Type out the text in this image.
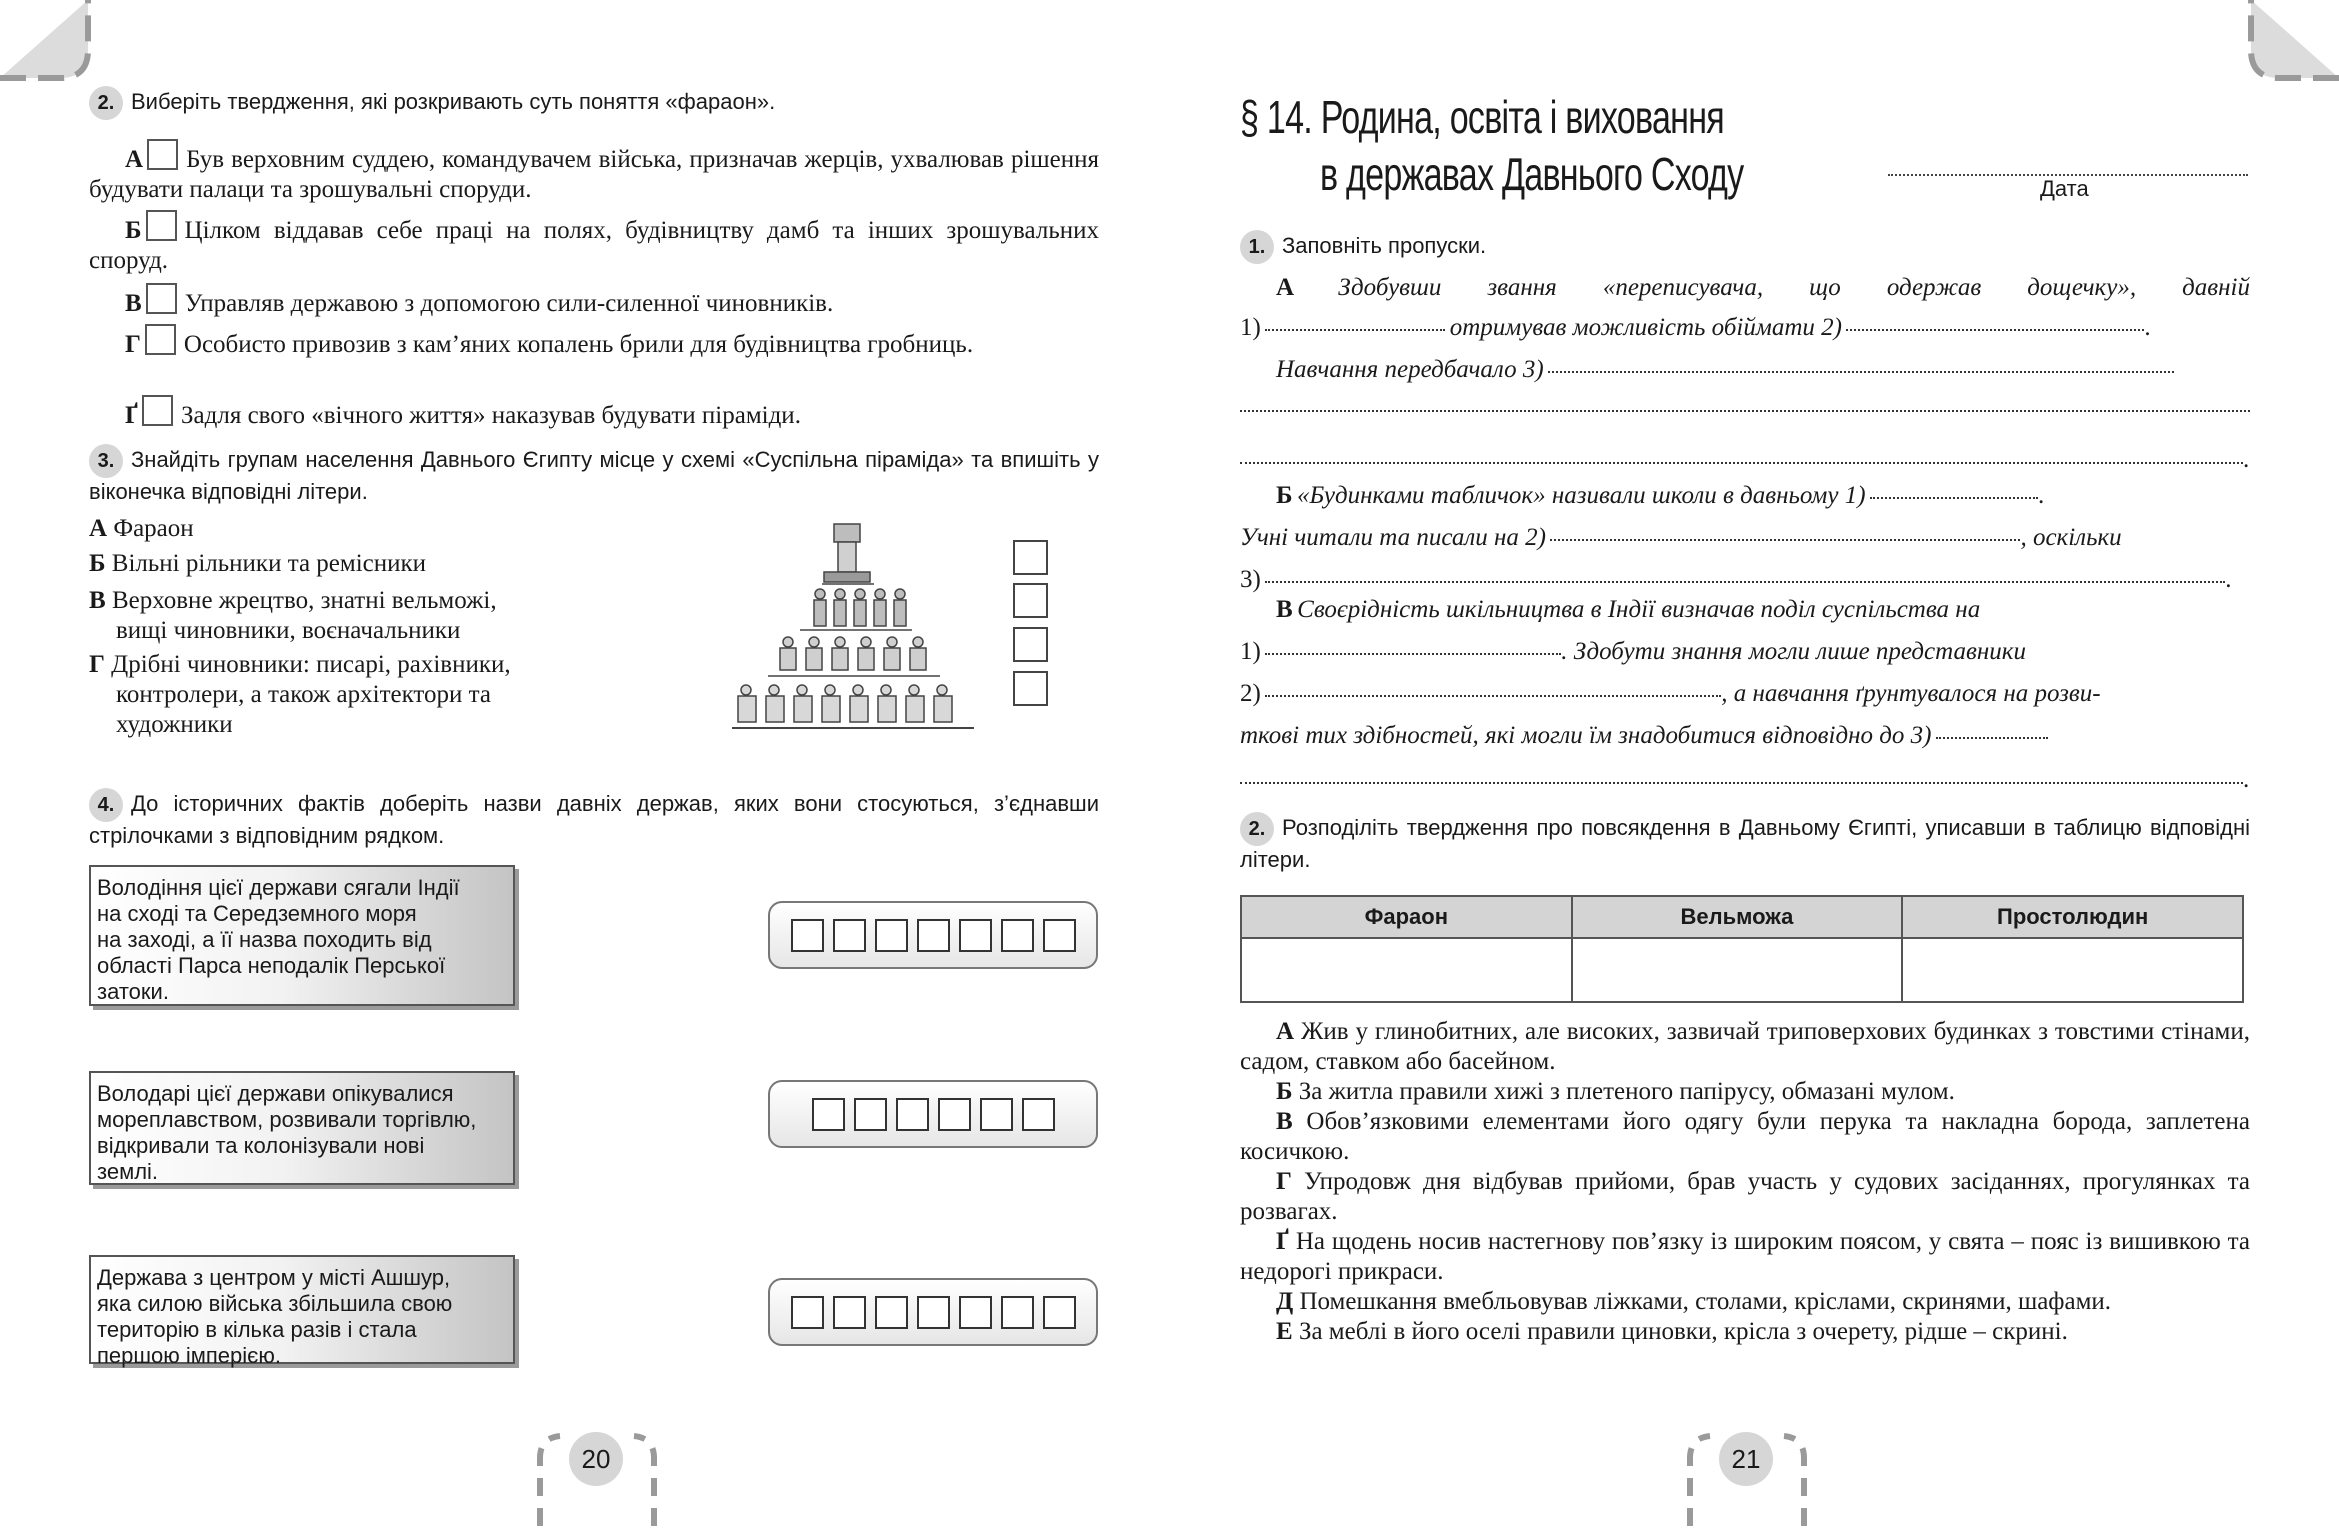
2. Виберіть твердження, які розкривають суть поняття «фараон».
А Був верховним суддею, командувачем війська, призначав жерців, ухвалював рішення будувати палаци та зрошувальні споруди.
Б Цілком віддавав себе праці на полях, будівництву дамб та інших зрошувальних споруд.
В Управляв державою з допомогою сили-силенної чиновників.
Г Особисто привозив з кам’яних копалень брили для будівництва гробниць.
Ґ Задля свого «вічного життя» наказував будувати піраміди.
3. Знайдіть групам населення Давнього Єгипту місце у схемі «Суспільна піраміда» та впишіть у віконечка відповідні літери.
А Фараон
Б Вільні рільники та ремісники
В Верховне жрецтво, знатні вельможі,
вищі чиновники, воєначальники
Г Дрібні чиновники: писарі, рахівники,
контролери, а також архітектори та
художники
4. До історичних фактів доберіть назви давніх держав, яких вони стосуються, з’єднавши стрілочками з відповідним рядком.
Володіння цієї держави сягали Індії
на сході та Середземного моря
на заході, а її назва походить від
області Парса неподалік Перської
затоки.
Володарі цієї держави опікувалися
мореплавством, розвивали торгівлю,
відкривали та колонізували нові
землі.
Держава з центром у місті Ашшур,
яка силою війська збільшила свою
територію в кілька разів і стала
першою імперією.
20
§ 14. Родина, освіта і виховання
в державах Давнього Сходу	Дата
1. Заповніть пропуски.
А Здобувши звання «переписувача, що одержав дощечку», давній
1)	отримував можливість обіймати 2)	.
Навчання передбачало 3)
.
Б «Будинками табличок» називали школи в давньому 1)	.
Учні читали та писали на 2)	, оскільки
3)	.
В Своєрідність шкільництва в Індії визначав поділ суспільства на
1)	. Здобути знання могли лише представники
2)	, а навчання ґрунтувалося на розви-
ткові тих здібностей, які могли їм знадобитися відповідно до 3)
.
2. Розподіліть твердження про повсякдення в Давньому Єгипті, уписавши в таблицю відповідні літери.
Фараон	Вельможа	Простолюдин

А Жив у глинобитних, але високих, зазвичай триповерхових будинках з товстими стінами, садом, ставком або басейном.
Б За житла правили хижі з плетеного папірусу, обмазані мулом.
В Обов’язковими елементами його одягу були перука та накладна борода, заплетена косичкою.
Г Упродовж дня відбував прийоми, брав участь у судових засіданнях, прогулянках та розвагах.
Ґ На щодень носив настегнову пов’язку із широким поясом, у свята – пояс із вишивкою та недорогі прикраси.
Д Помешкання вмебльовував ліжками, столами, кріслами, скринями, шафами.
Е За меблі в його оселі правили циновки, крісла з очерету, рідше – скрині.
21
